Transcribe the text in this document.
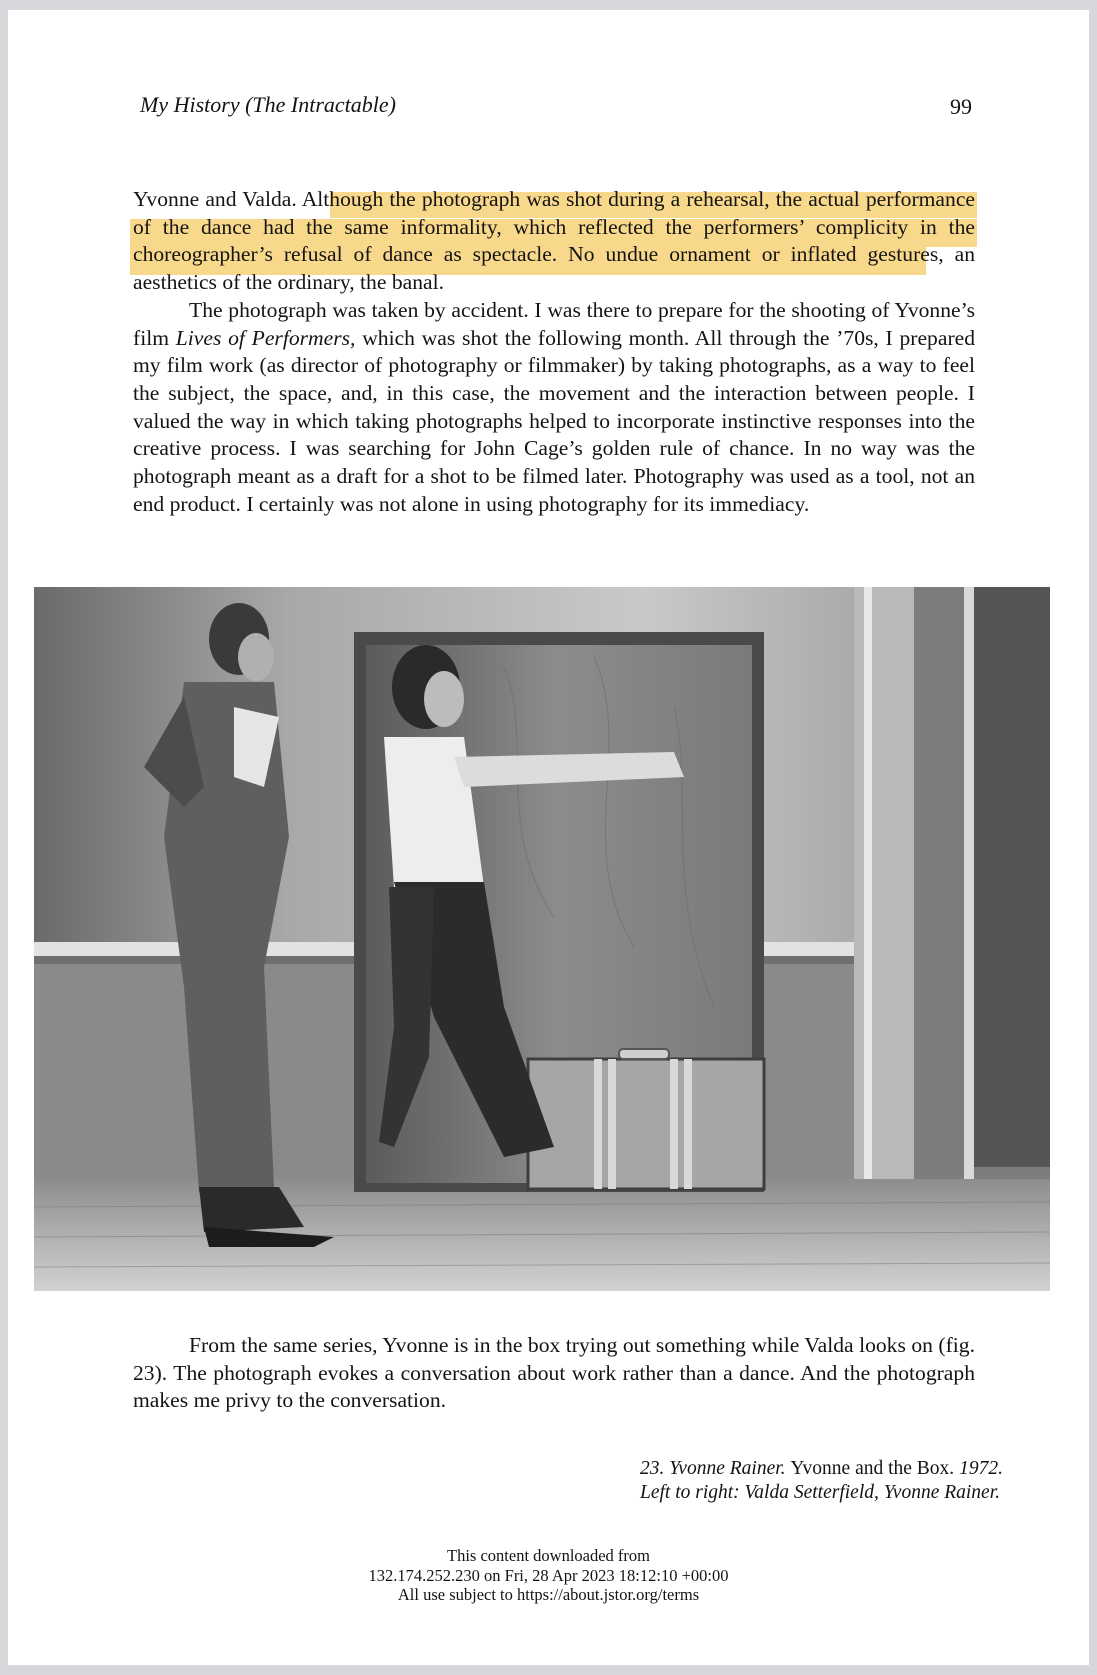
My History (The Intractable)	99

Yvonne and Valda. Although the photograph was shot during a rehearsal, the actual performance of the dance had the same informality, which reflected the performers’ complicity in the choreographer’s refusal of dance as spectacle. No undue ornament or inflated gestures, an aesthetics of the ordinary, the banal.

The photograph was taken by accident. I was there to prepare for the shooting of Yvonne’s film Lives of Performers, which was shot the following month. All through the ’70s, I prepared my film work (as director of photography or filmmaker) by taking photographs, as a way to feel the subject, the space, and, in this case, the movement and the interaction between people. I valued the way in which taking photographs helped to incorporate instinctive responses into the creative process. I was searching for John Cage’s golden rule of chance. In no way was the photograph meant as a draft for a shot to be filmed later. Photography was used as a tool, not an end product. I certainly was not alone in using photography for its immediacy.

From the same series, Yvonne is in the box trying out something while Valda looks on (fig. 23). The photograph evokes a conversation about work rather than a dance. And the photograph makes me privy to the conversation.

23. Yvonne Rainer. Yvonne and the Box. 1972.
Left to right: Valda Setterfield, Yvonne Rainer.
This content downloaded from
132.174.252.230 on Fri, 28 Apr 2023 18:12:10 +00:00
All use subject to https://about.jstor.org/terms
